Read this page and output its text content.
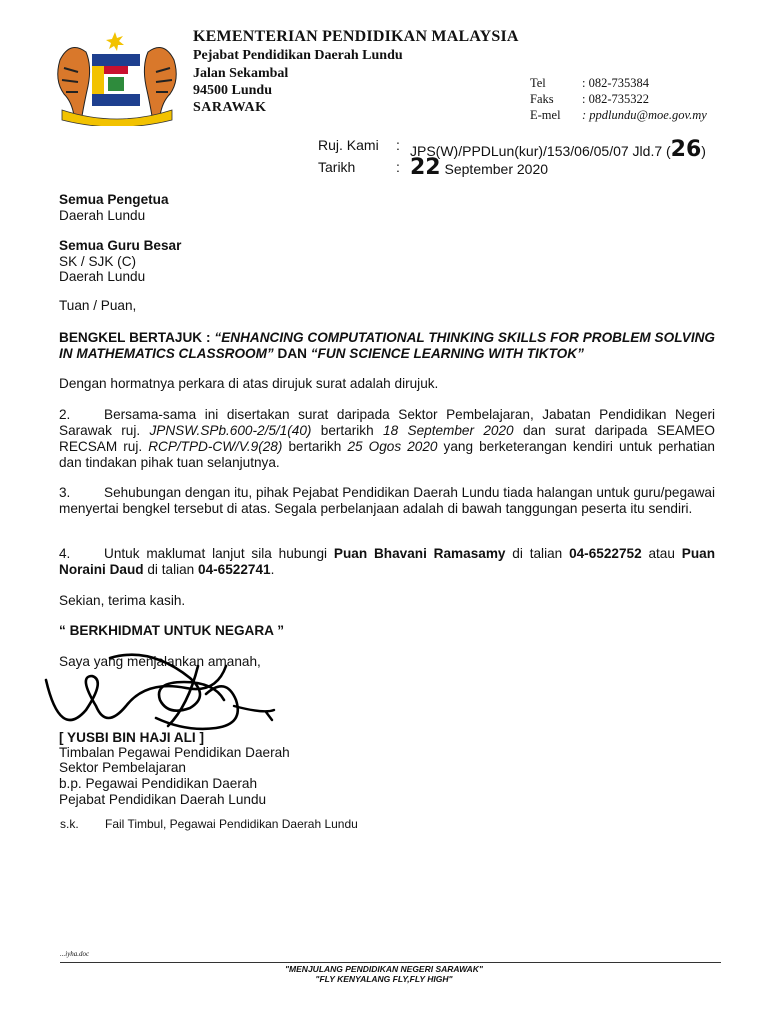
KEMENTERIAN PENDIDIKAN MALAYSIA
Pejabat Pendidikan Daerah Lundu
Jalan Sekambal
94500 Lundu
SARAWAK
Tel	: 082-735384
Faks : 082-735322
E-mel : ppdlundu@moe.gov.my
Ruj. Kami : JPS(W)/PPDLun(kur)/153/06/05/07 Jld.7 (26)
Tarikh	: 22 September 2020
Semua Pengetua
Daerah Lundu
Semua Guru Besar
SK / SJK (C)
Daerah Lundu
Tuan / Puan,
BENGKEL BERTAJUK : “ENHANCING COMPUTATIONAL THINKING SKILLS FOR PROBLEM SOLVING IN MATHEMATICS CLASSROOM” DAN “FUN SCIENCE LEARNING WITH TIKTOK”
Dengan hormatnya perkara di atas dirujuk surat adalah dirujuk.
2. Bersama-sama ini disertakan surat daripada Sektor Pembelajaran, Jabatan Pendidikan Negeri Sarawak ruj. JPNSW.SPb.600-2/5/1(40) bertarikh 18 September 2020 dan surat daripada SEAMEO RECSAM ruj. RCP/TPD-CW/V.9(28) bertarikh 25 Ogos 2020 yang berketerangan kendiri untuk perhatian dan tindakan pihak tuan selanjutnya.
3. Sehubungan dengan itu, pihak Pejabat Pendidikan Daerah Lundu tiada halangan untuk guru/pegawai menyertai bengkel tersebut di atas. Segala perbelanjaan adalah di bawah tanggungan peserta itu sendiri.
4. Untuk maklumat lanjut sila hubungi Puan Bhavani Ramasamy di talian 04-6522752 atau Puan Noraini Daud di talian 04-6522741.
Sekian, terima kasih.
“ BERKHIDMAT UNTUK NEGARA ”
Saya yang menjalankan amanah,
[ YUSBI BIN HAJI ALI ]
Timbalan Pegawai Pendidikan Daerah
Sektor Pembelajaran
b.p. Pegawai Pendidikan Daerah
Pejabat Pendidikan Daerah Lundu
s.k. Fail Timbul, Pegawai Pendidikan Daerah Lundu
...iyha.doc
"MENJULANG PENDIDIKAN NEGERI SARAWAK"
"FLY KENYALANG FLY,FLY HIGH"
